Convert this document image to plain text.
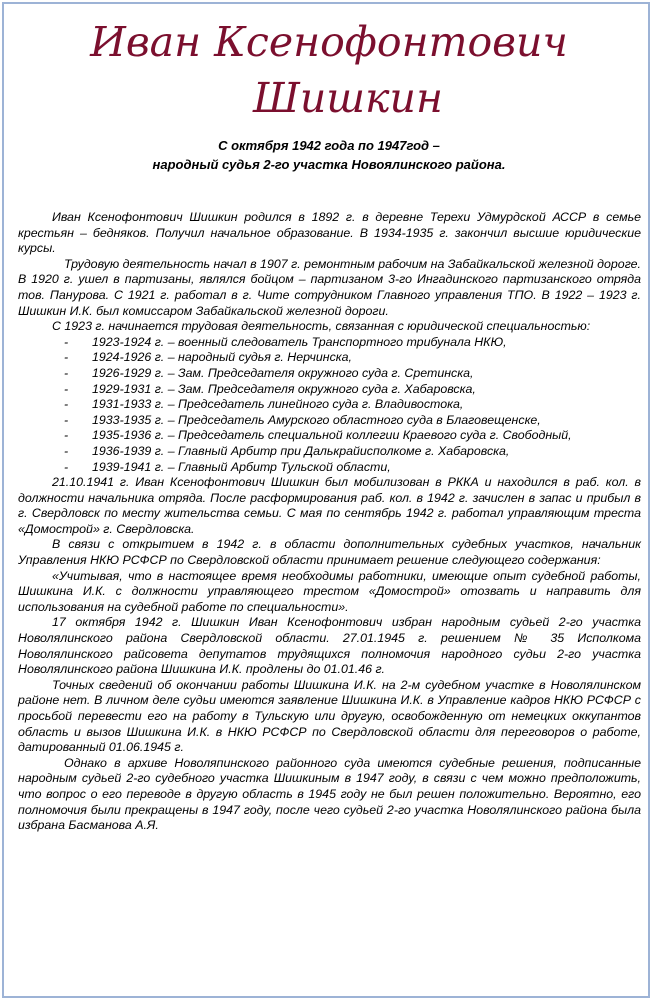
Иван Ксенофонтович
Шишкин
С октября 1942 года по 1947год –
народный судья 2-го участка Новоялинского района.

Иван Ксенофонтович Шишкин родился в 1892 г. в деревне Терехи Удмурдской АССР в семье крестьян – бедняков. Получил начальное образование. В 1934-1935 г. закончил высшие юридические курсы.

Трудовую деятельность начал в 1907 г. ремонтным рабочим на Забайкальской железной дороге. В 1920 г. ушел в партизаны, являлся бойцом – партизаном 3-го Ингадинского партизанского отряда тов. Панурова. С 1921 г. работал в г. Чите сотрудником Главного управления ТПО. В 1922 – 1923 г. Шишкин И.К. был комиссаром Забайкальской железной дороги.

С 1923 г. начинается трудовая деятельность, связанная с юридической специальностью:

- 1923-1924 г. – военный следователь Транспортного трибунала НКЮ,
- 1924-1926 г. – народный судья г. Нерчинска,
- 1926-1929 г. – Зам. Председателя окружного суда г. Сретинска,
- 1929-1931 г. – Зам. Председателя окружного суда г. Хабаровска,
- 1931-1933 г. – Председатель линейного суда г. Владивостока,
- 1933-1935 г. – Председатель Амурского областного суда в Благовещенске,
- 1935-1936 г. – Председатель специальной коллегии Краевого суда г. Свободный,
- 1936-1939 г. – Главный Арбитр при Далькрайисполкоме г. Хабаровска,
- 1939-1941 г. – Главный Арбитр Тульской области,

21.10.1941 г. Иван Ксенофонтович Шишкин был мобилизован в РККА и находился в раб. кол. в должности начальника отряда. После расформирования раб. кол. в 1942 г. зачислен в запас и прибыл в г. Свердловск по месту жительства семьи. С мая по сентябрь 1942 г. работал управляющим треста «Домострой» г. Свердловска.

В связи с открытием в 1942 г. в области дополнительных судебных участков, начальник Управления НКЮ РСФСР по Свердловской области принимает решение следующего содержания:

«Учитывая, что в настоящее время необходимы работники, имеющие опыт судебной работы, Шишкина И.К. с должности управляющего трестом «Домострой» отозвать и направить для использования на судебной работе по специальности».

17 октября 1942 г. Шишкин Иван Ксенофонтович избран народным судьей 2-го участка Новолялинского района Свердловской области. 27.01.1945 г. решением № 35 Исполкома Новолялинского райсовета депутатов трудящихся полномочия народного судьи 2-го участка Новолялинского района Шишкина И.К. продлены до 01.01.46 г.

Точных сведений об окончании работы Шишкина И.К. на 2-м судебном участке в Новолялинском районе нет. В личном деле судьи имеются заявление Шишкина И.К. в Управление кадров НКЮ РСФСР с просьбой перевести его на работу в Тульскую или другую, освобожденную от немецких оккупантов область и вызов Шишкина И.К. в НКЮ РСФСР по Свердловской области для переговоров о работе, датированный 01.06.1945 г.

Однако в архиве Новоляпинского районного суда имеются судебные решения, подписанные народным судьей 2-го судебного участка Шишкиным в 1947 году, в связи с чем можно предположить, что вопрос о его переводе в другую область в 1945 году не был решен положительно. Вероятно, его полномочия были прекращены в 1947 году, после чего судьей 2-го участка Новолялинского района была избрана Басманова А.Я.
